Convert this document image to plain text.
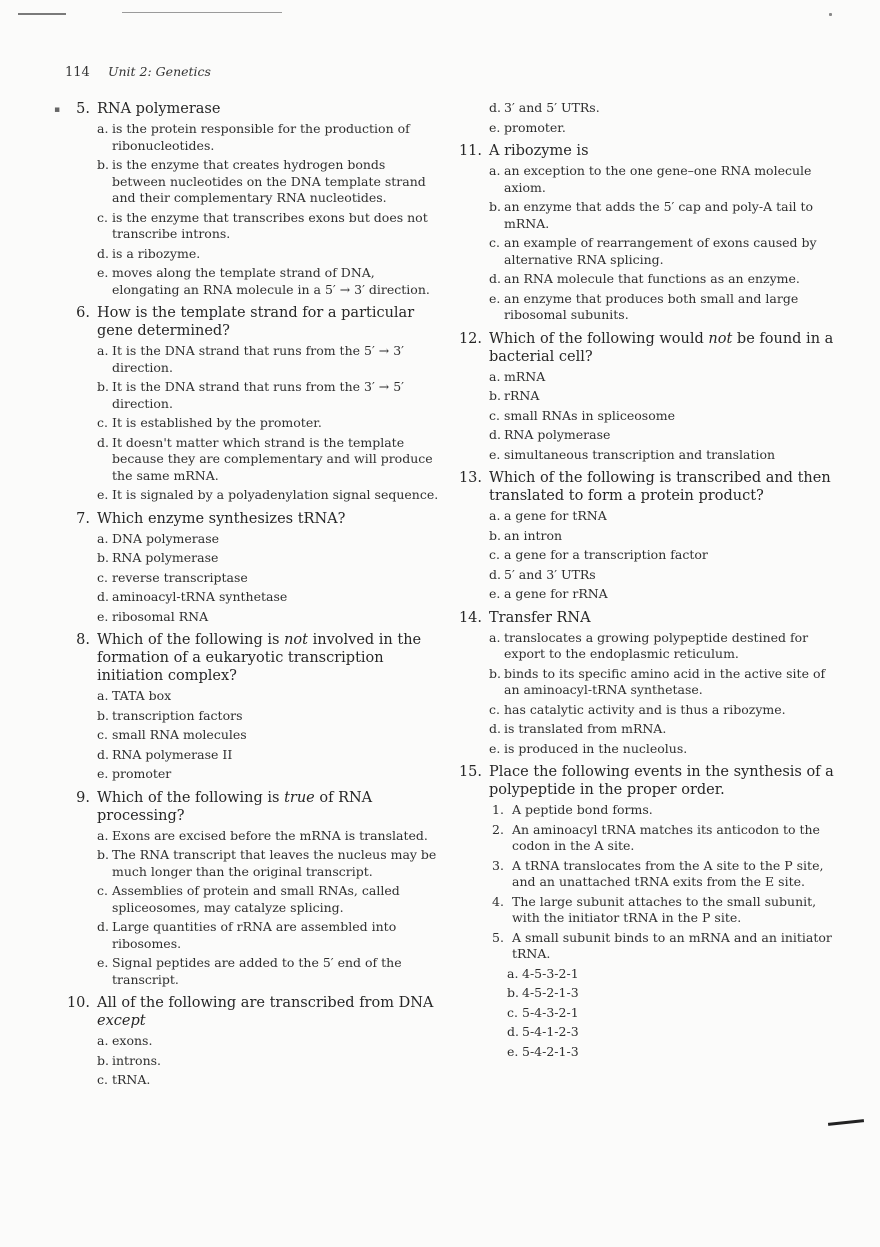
114 Unit 2: Genetics
▪	5. RNA polymerase
a. is the protein responsible for the production of ribonucleotides.
b. is the enzyme that creates hydrogen bonds between nucleotides on the DNA template strand and their complementary RNA nucleotides.
c. is the enzyme that transcribes exons but does not transcribe introns.
d. is a ribozyme.
e. moves along the template strand of DNA, elongating an RNA molecule in a 5′ → 3′ direction.
6. How is the template strand for a particular gene determined?
a. It is the DNA strand that runs from the 5′ → 3′ direction.
b. It is the DNA strand that runs from the 3′ → 5′ direction.
c. It is established by the promoter.
d. It doesn't matter which strand is the template because they are complementary and will produce the same mRNA.
e. It is signaled by a polyadenylation signal sequence.
7. Which enzyme synthesizes tRNA?
a. DNA polymerase
b. RNA polymerase
c. reverse transcriptase
d. aminoacyl-tRNA synthetase
e. ribosomal RNA
8. Which of the following is not involved in the formation of a eukaryotic transcription initiation complex?
a. TATA box
b. transcription factors
c. small RNA molecules
d. RNA polymerase II
e. promoter
9. Which of the following is true of RNA processing?
a. Exons are excised before the mRNA is translated.
b. The RNA transcript that leaves the nucleus may be much longer than the original transcript.
c. Assemblies of protein and small RNAs, called spliceosomes, may catalyze splicing.
d. Large quantities of rRNA are assembled into ribosomes.
e. Signal peptides are added to the 5′ end of the transcript.
10. All of the following are transcribed from DNA except
a. exons.
b. introns.
c. tRNA.
d. 3′ and 5′ UTRs.
e. promoter.
11. A ribozyme is
a. an exception to the one gene–one RNA molecule axiom.
b. an enzyme that adds the 5′ cap and poly-A tail to mRNA.
c. an example of rearrangement of exons caused by alternative RNA splicing.
d. an RNA molecule that functions as an enzyme.
e. an enzyme that produces both small and large ribosomal subunits.
12. Which of the following would not be found in a bacterial cell?
a. mRNA
b. rRNA
c. small RNAs in spliceosome
d. RNA polymerase
e. simultaneous transcription and translation
13. Which of the following is transcribed and then translated to form a protein product?
a. a gene for tRNA
b. an intron
c. a gene for a transcription factor
d. 5′ and 3′ UTRs
e. a gene for rRNA
14. Transfer RNA
a. translocates a growing polypeptide destined for export to the endoplasmic reticulum.
b. binds to its specific amino acid in the active site of an aminoacyl-tRNA synthetase.
c. has catalytic activity and is thus a ribozyme.
d. is translated from mRNA.
e. is produced in the nucleolus.
15. Place the following events in the synthesis of a polypeptide in the proper order.
1. A peptide bond forms.
2. An aminoacyl tRNA matches its anticodon to the codon in the A site.
3. A tRNA translocates from the A site to the P site, and an unattached tRNA exits from the E site.
4. The large subunit attaches to the small subunit, with the initiator tRNA in the P site.
5. A small subunit binds to an mRNA and an initiator tRNA.
a. 4-5-3-2-1
b. 4-5-2-1-3
c. 5-4-3-2-1
d. 5-4-1-2-3
e. 5-4-2-1-3
